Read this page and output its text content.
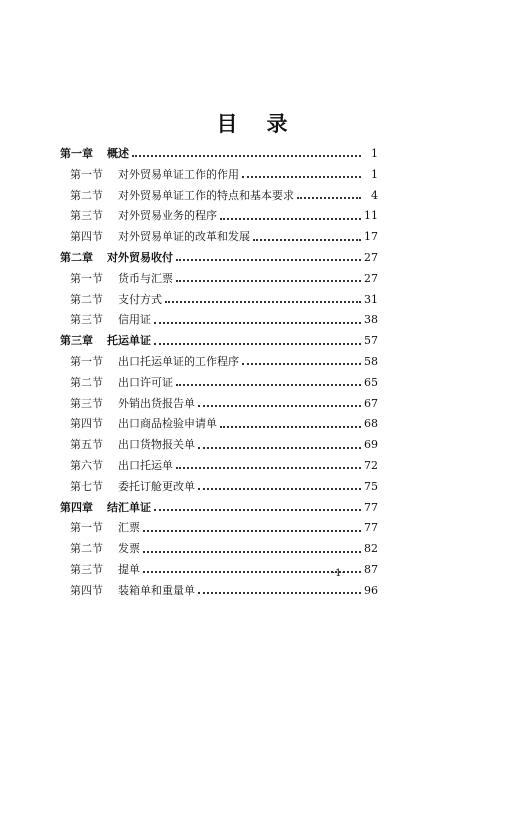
目 录
第一章	概述	1
第一节	对外贸易单证工作的作用	1
第二节	对外贸易单证工作的特点和基本要求	4
第三节	对外贸易业务的程序	11
第四节	对外贸易单证的改革和发展	17
第二章	对外贸易收付	27
第一节	货币与汇票	27
第二节	支付方式	31
第三节	信用证	38
第三章	托运单证	57
第一节	出口托运单证的工作程序	58
第二节	出口许可证	65
第三节	外销出货报告单	67
第四节	出口商品检验申请单	68
第五节	出口货物报关单	69
第六节	出口托运单	72
第七节	委托订舱更改单	75
第四章	结汇单证	77
第一节	汇票	77
第二节	发票	82
第三节	提单	87
第四节	装箱单和重量单	96
·1·
